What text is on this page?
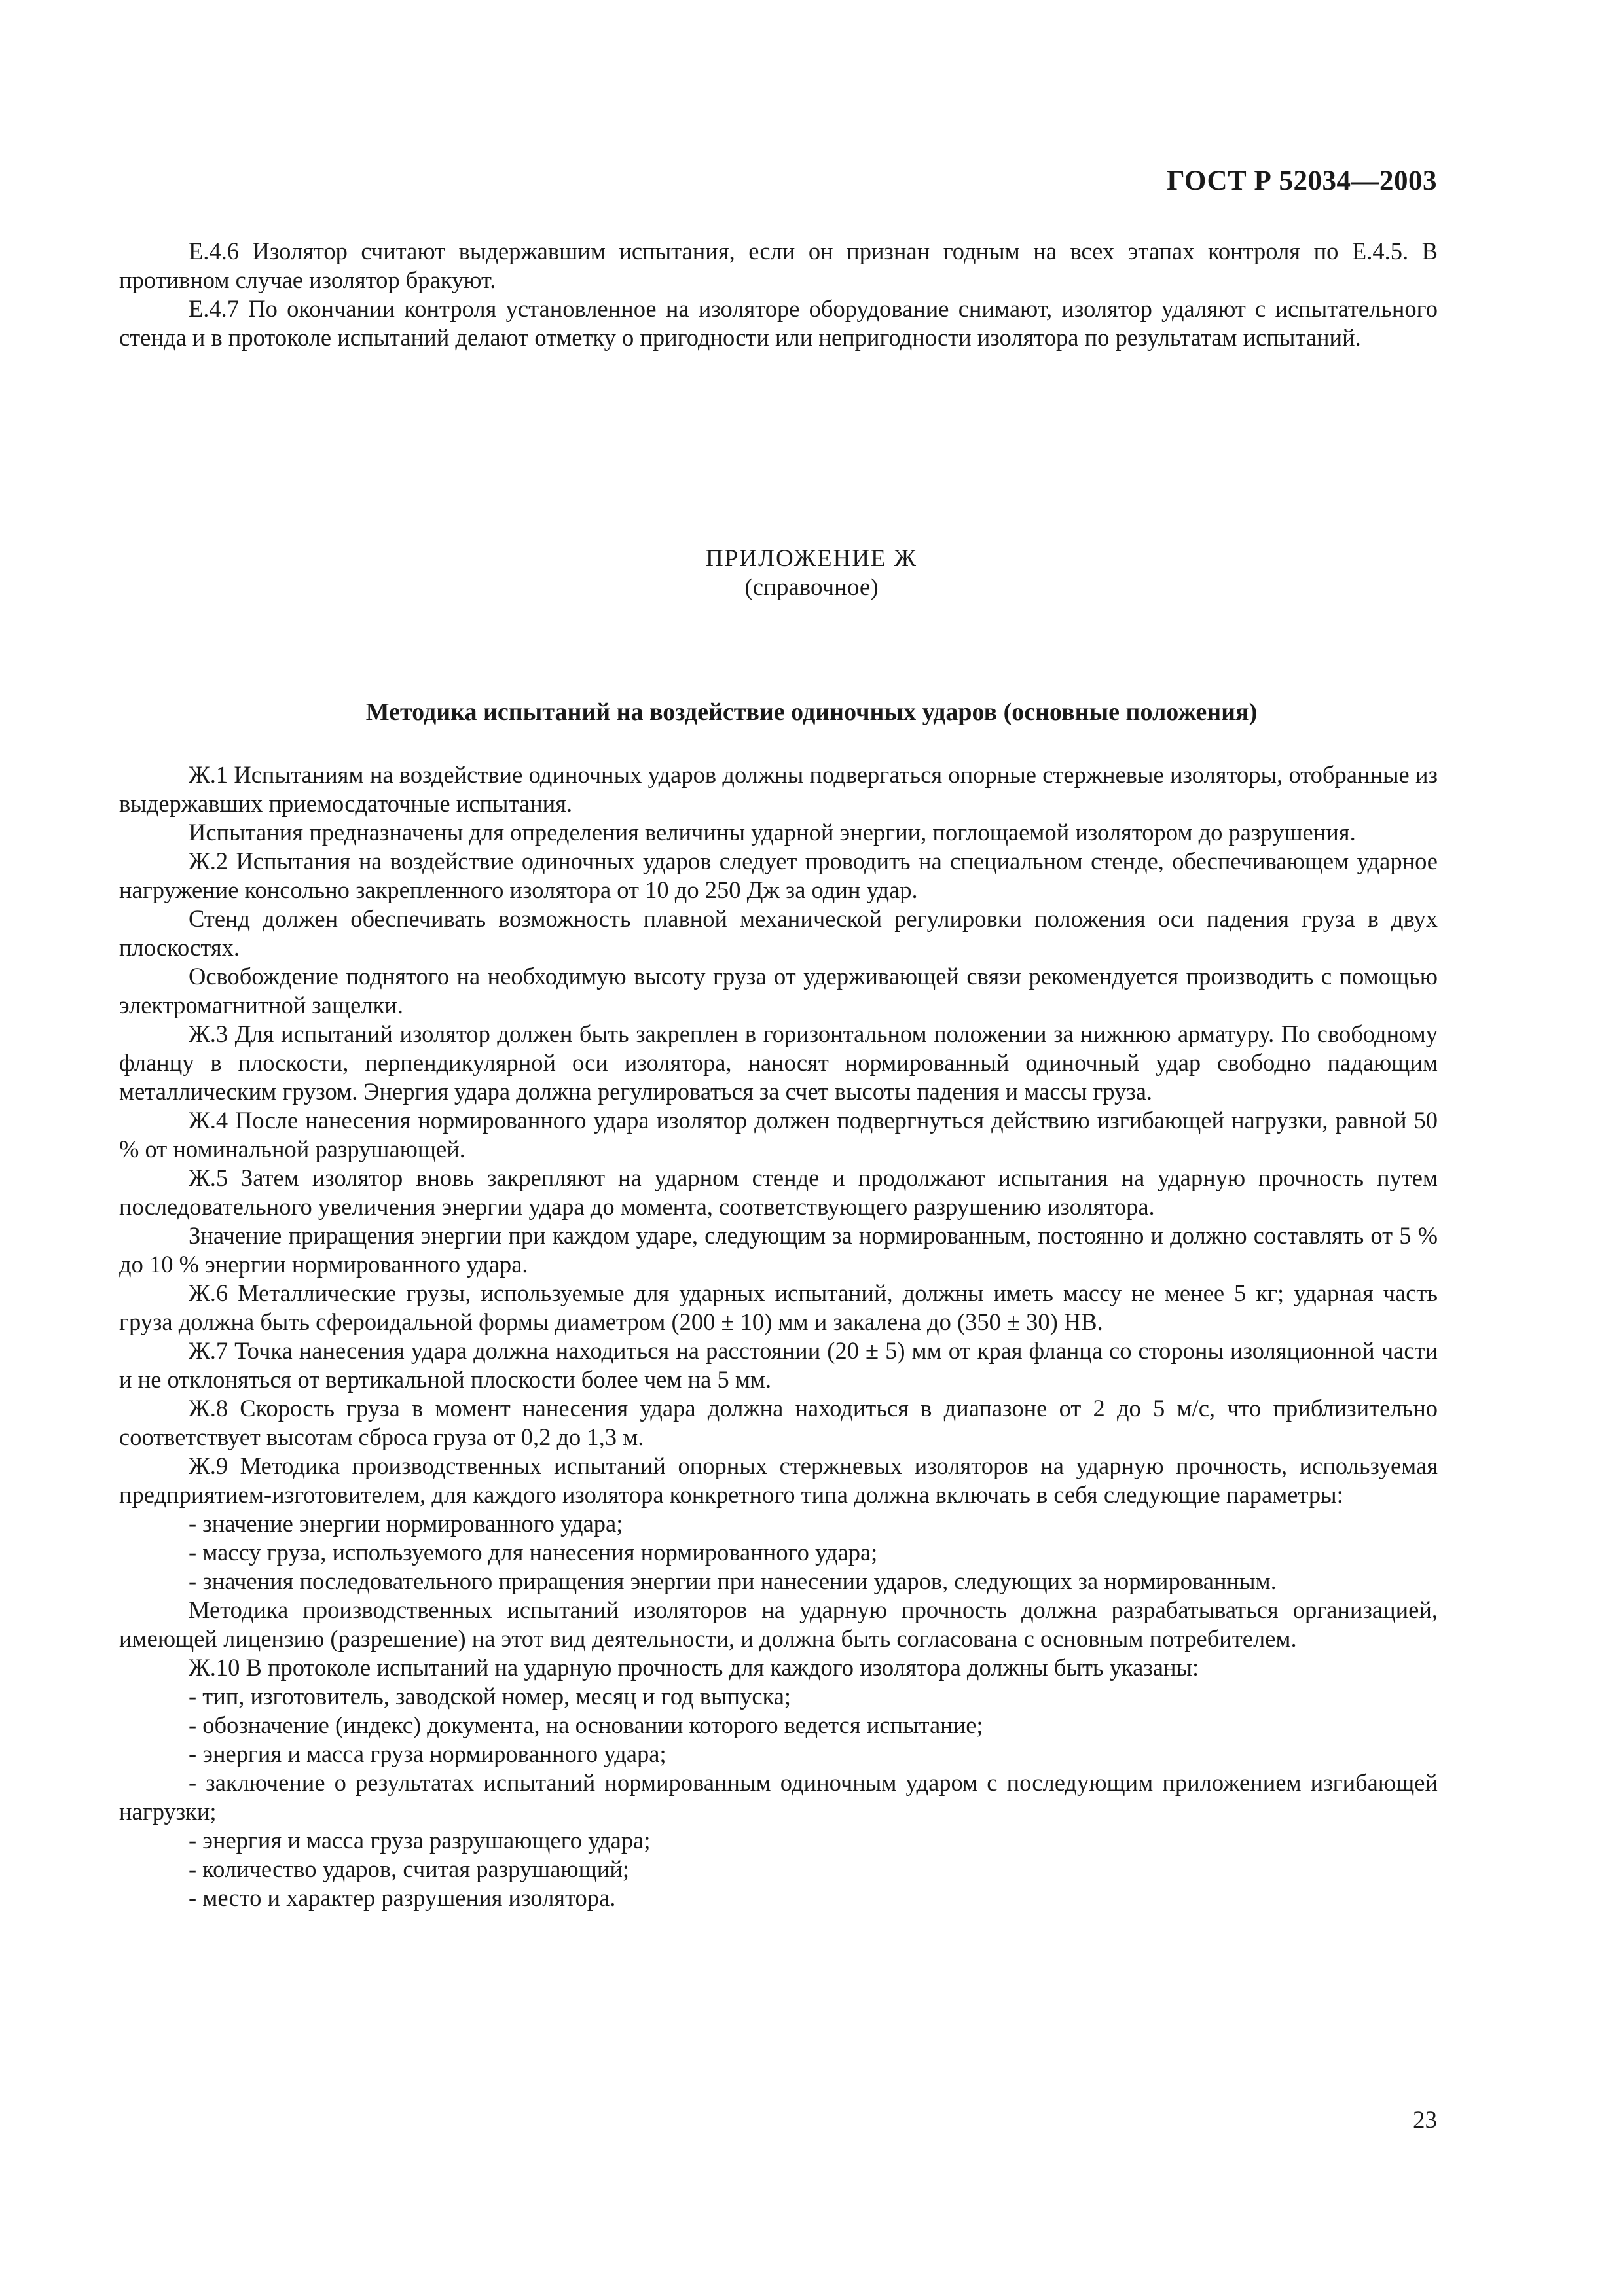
ГОСТ Р 52034—2003

Е.4.6 Изолятор считают выдержавшим испытания, если он признан годным на всех этапах контроля по Е.4.5. В противном случае изолятор бракуют.

Е.4.7 По окончании контроля установленное на изоляторе оборудование снимают, изолятор удаляют с испытательного стенда и в протоколе испытаний делают отметку о пригодности или непригодности изолятора по результатам испытаний.

ПРИЛОЖЕНИЕ Ж
(справочное)
Методика испытаний на воздействие одиночных ударов (основные положения)

Ж.1 Испытаниям на воздействие одиночных ударов должны подвергаться опорные стержневые изоляторы, отобранные из выдержавших приемосдаточные испытания.

Испытания предназначены для определения величины ударной энергии, поглощаемой изолятором до разрушения.

Ж.2 Испытания на воздействие одиночных ударов следует проводить на специальном стенде, обеспечивающем ударное нагружение консольно закрепленного изолятора от 10 до 250 Дж за один удар.

Стенд должен обеспечивать возможность плавной механической регулировки положения оси падения груза в двух плоскостях.

Освобождение поднятого на необходимую высоту груза от удерживающей связи рекомендуется производить с помощью электромагнитной защелки.

Ж.3 Для испытаний изолятор должен быть закреплен в горизонтальном положении за нижнюю арматуру. По свободному фланцу в плоскости, перпендикулярной оси изолятора, наносят нормированный одиночный удар свободно падающим металлическим грузом. Энергия удара должна регулироваться за счет высоты падения и массы груза.

Ж.4 После нанесения нормированного удара изолятор должен подвергнуться действию изгибающей нагрузки, равной 50 % от номинальной разрушающей.

Ж.5 Затем изолятор вновь закрепляют на ударном стенде и продолжают испытания на ударную прочность путем последовательного увеличения энергии удара до момента, соответствующего разрушению изолятора.

Значение приращения энергии при каждом ударе, следующим за нормированным, постоянно и должно составлять от 5 % до 10 % энергии нормированного удара.

Ж.6 Металлические грузы, используемые для ударных испытаний, должны иметь массу не менее 5 кг; ударная часть груза должна быть сфероидальной формы диаметром (200 ± 10) мм и закалена до (350 ± 30) НВ.

Ж.7 Точка нанесения удара должна находиться на расстоянии (20 ± 5) мм от края фланца со стороны изоляционной части и не отклоняться от вертикальной плоскости более чем на 5 мм.

Ж.8 Скорость груза в момент нанесения удара должна находиться в диапазоне от 2 до 5 м/с, что приблизительно соответствует высотам сброса груза от 0,2 до 1,3 м.

Ж.9 Методика производственных испытаний опорных стержневых изоляторов на ударную прочность, используемая предприятием-изготовителем, для каждого изолятора конкретного типа должна включать в себя следующие параметры:

- значение энергии нормированного удара;

- массу груза, используемого для нанесения нормированного удара;

- значения последовательного приращения энергии при нанесении ударов, следующих за нормированным.

Методика производственных испытаний изоляторов на ударную прочность должна разрабатываться организацией, имеющей лицензию (разрешение) на этот вид деятельности, и должна быть согласована с основным потребителем.

Ж.10 В протоколе испытаний на ударную прочность для каждого изолятора должны быть указаны:

- тип, изготовитель, заводской номер, месяц и год выпуска;

- обозначение (индекс) документа, на основании которого ведется испытание;

- энергия и масса груза нормированного удара;

- заключение о результатах испытаний нормированным одиночным ударом с последующим приложением изгибающей нагрузки;

- энергия и масса груза разрушающего удара;

- количество ударов, считая разрушающий;

- место и характер разрушения изолятора.

23
